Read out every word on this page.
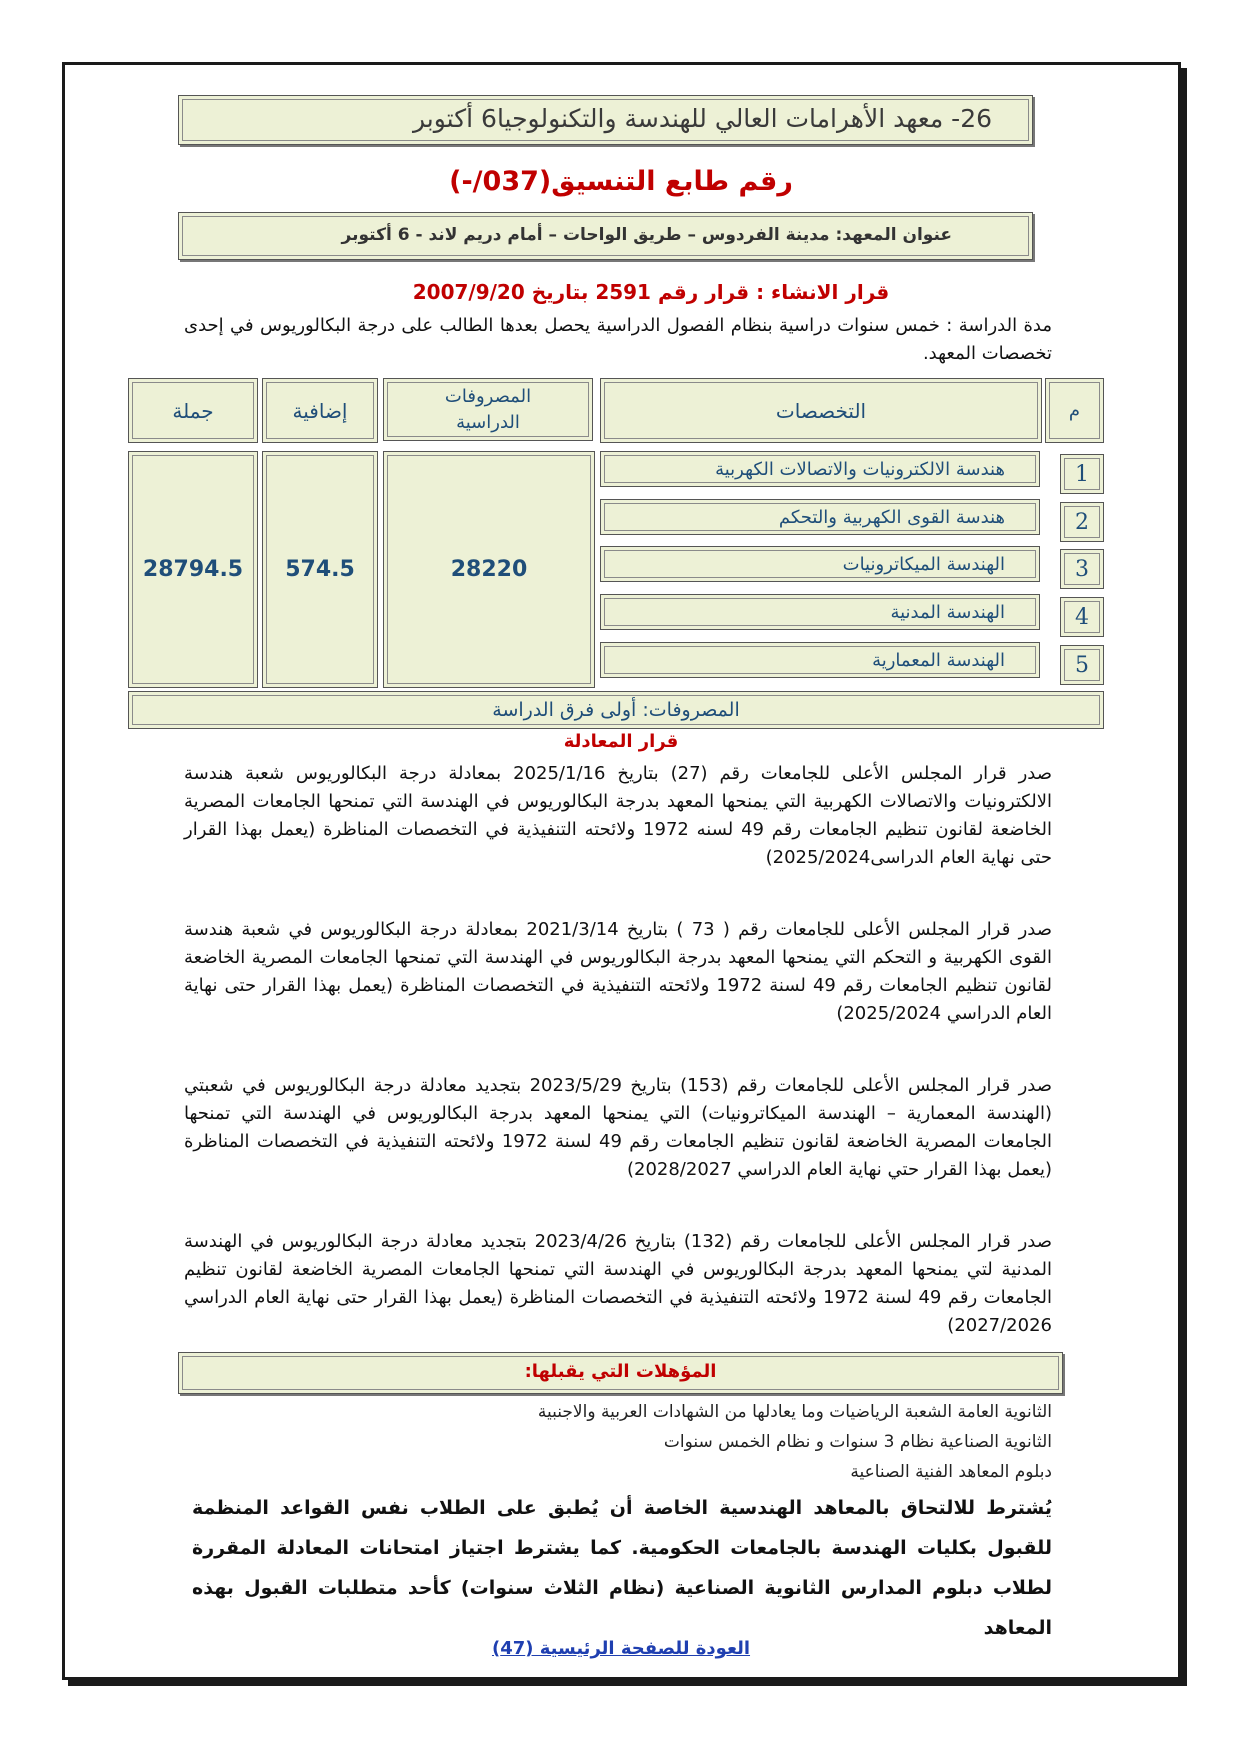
26- معهد الأهرامات العالي للهندسة والتكنولوجيا6 أكتوبر
رقم طابع التنسيق(037/-)
عنوان المعهد: مدينة الفردوس – طريق الواحات – أمام دريم لاند - 6 أكتوبر
قرار الانشاء : قرار رقم 2591 بتاريخ 2007/9/20
مدة الدراسة : خمس سنوات دراسية بنظام الفصول الدراسية يحصل بعدها الطالب على درجة البكالوريوس في إحدى تخصصات المعهد.
م
التخصصات
المصروفات الدراسية
إضافية
جملة
1
هندسة الالكترونيات والاتصالات الكهربية
2
هندسة القوى الكهربية والتحكم
3
الهندسة الميكاترونيات
4
الهندسة المدنية
5
الهندسة المعمارية
28220
574.5
28794.5
المصروفات: أولى فرق الدراسة
قرار المعادلة
صدر قرار المجلس الأعلى للجامعات رقم (27) بتاريخ 2025/1/16 بمعادلة درجة البكالوريوس شعبة هندسة الالكترونيات والاتصالات الكهربية التي يمنحها المعهد بدرجة البكالوريوس في الهندسة التي تمنحها الجامعات المصرية الخاضعة لقانون تنظيم الجامعات رقم 49 لسنه 1972 ولائحته التنفيذية في التخصصات المناظرة (يعمل بهذا القرار حتى نهاية العام الدراسى2025/2024)
صدر قرار المجلس الأعلى للجامعات رقم ( 73 ) بتاريخ 2021/3/14 بمعادلة درجة البكالوريوس في شعبة هندسة القوى الكهربية و التحكم التي يمنحها المعهد بدرجة البكالوريوس في الهندسة التي تمنحها الجامعات المصرية الخاضعة لقانون تنظيم الجامعات رقم 49 لسنة 1972 ولائحته التنفيذية في التخصصات المناظرة (يعمل بهذا القرار حتى نهاية العام الدراسي 2025/2024)
صدر قرار المجلس الأعلى للجامعات رقم (153) بتاريخ 2023/5/29 بتجديد معادلة درجة البكالوريوس في شعبتي (الهندسة المعمارية – الهندسة الميكاترونيات) التي يمنحها المعهد بدرجة البكالوريوس في الهندسة التي تمنحها الجامعات المصرية الخاضعة لقانون تنظيم الجامعات رقم 49 لسنة 1972 ولائحته التنفيذية في التخصصات المناظرة (يعمل بهذا القرار حتي نهاية العام الدراسي 2028/2027)
صدر قرار المجلس الأعلى للجامعات رقم (132) بتاريخ 2023/4/26 بتجديد معادلة درجة البكالوريوس في الهندسة المدنية لتي يمنحها المعهد بدرجة البكالوريوس في الهندسة التي تمنحها الجامعات المصرية الخاضعة لقانون تنظيم الجامعات رقم 49 لسنة 1972 ولائحته التنفيذية في التخصصات المناظرة (يعمل بهذا القرار حتى نهاية العام الدراسي 2027/2026)
المؤهلات التي يقبلها:
الثانوية العامة الشعبة الرياضيات وما يعادلها من الشهادات العربية والاجنبية
الثانوية الصناعية نظام 3 سنوات و نظام الخمس سنوات
دبلوم المعاهد الفنية الصناعية
يُشترط للالتحاق بالمعاهد الهندسية الخاصة أن يُطبق على الطلاب نفس القواعد المنظمة للقبول بكليات الهندسة بالجامعات الحكومية. كما يشترط اجتياز امتحانات المعادلة المقررة لطلاب دبلوم المدارس الثانوية الصناعية (نظام الثلاث سنوات) كأحد متطلبات القبول بهذه المعاهد
العودة للصفحة الرئيسية (47)
